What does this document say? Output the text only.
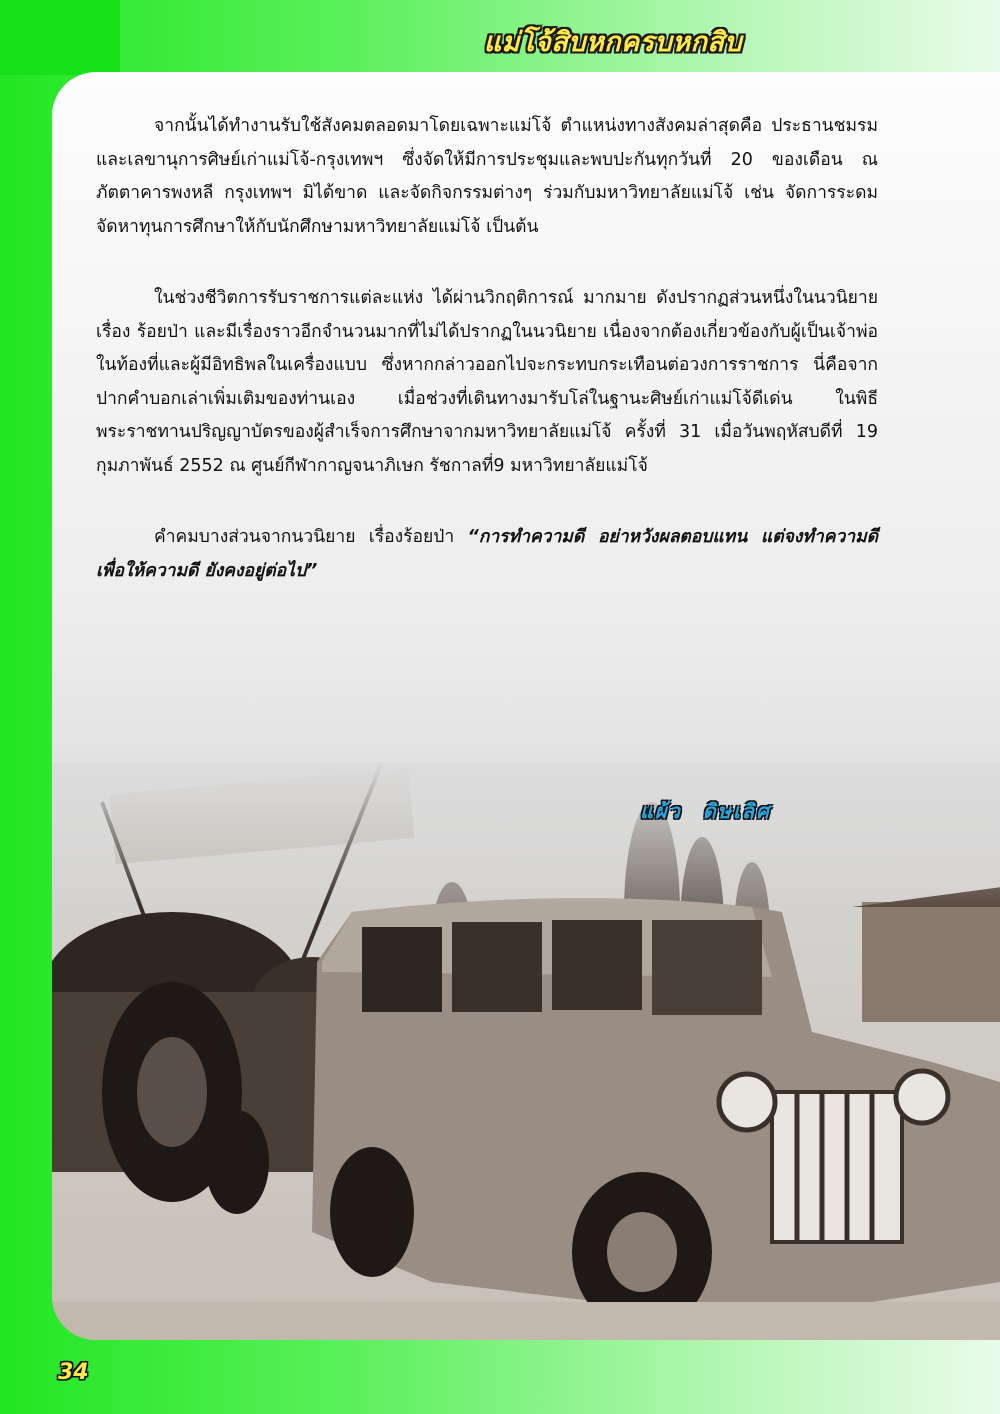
แม่โจ้สิบหกครบหกสิบ

จากนั้นได้ทำงานรับใช้สังคมตลอดมาโดยเฉพาะแม่โจ้ ตำแหน่งทางสังคมล่าสุดคือ ประธานชมรมและเลขานุการศิษย์เก่าแม่โจ้-กรุงเทพฯ ซึ่งจัดให้มีการประชุมและพบปะกันทุกวันที่ 20 ของเดือน ณ ภัตตาคารพงหลี กรุงเทพฯ มิได้ขาด และจัดกิจกรรมต่างๆ ร่วมกับมหาวิทยาลัยแม่โจ้ เช่น จัดการระดมจัดหาทุนการศึกษาให้กับนักศึกษามหาวิทยาลัยแม่โจ้ เป็นต้น

ในช่วงชีวิตการรับราชการแต่ละแห่ง ได้ผ่านวิกฤติการณ์ มากมาย ดังปรากฏส่วนหนึ่งในนวนิยายเรื่อง ร้อยป่า และมีเรื่องราวอีกจำนวนมากที่ไม่ได้ปรากฏในนวนิยาย เนื่องจากต้องเกี่ยวข้องกับผู้เป็นเจ้าพ่อในท้องที่และผู้มีอิทธิพลในเครื่องแบบ ซึ่งหากกล่าวออกไปจะกระทบกระเทือนต่อวงการราชการ นี่คือจากปากคำบอกเล่าเพิ่มเติมของท่านเอง เมื่อช่วงที่เดินทางมารับโล่ในฐานะศิษย์เก่าแม่โจ้ดีเด่น ในพิธีพระราชทานปริญญาบัตรของผู้สำเร็จการศึกษาจากมหาวิทยาลัยแม่โจ้ ครั้งที่ 31 เมื่อวันพฤหัสบดีที่ 19 กุมภาพันธ์ 2552 ณ ศูนย์กีฬากาญจนาภิเษก รัชกาลที่9 มหาวิทยาลัยแม่โจ้

คำคมบางส่วนจากนวนิยาย เรื่องร้อยป่า “การทำความดี อย่าหวังผลตอบแทน แต่จงทำความดี เพื่อให้ความดี ยังคงอยู่ต่อไป”

แผ้ว ดิษเลิศ
34
